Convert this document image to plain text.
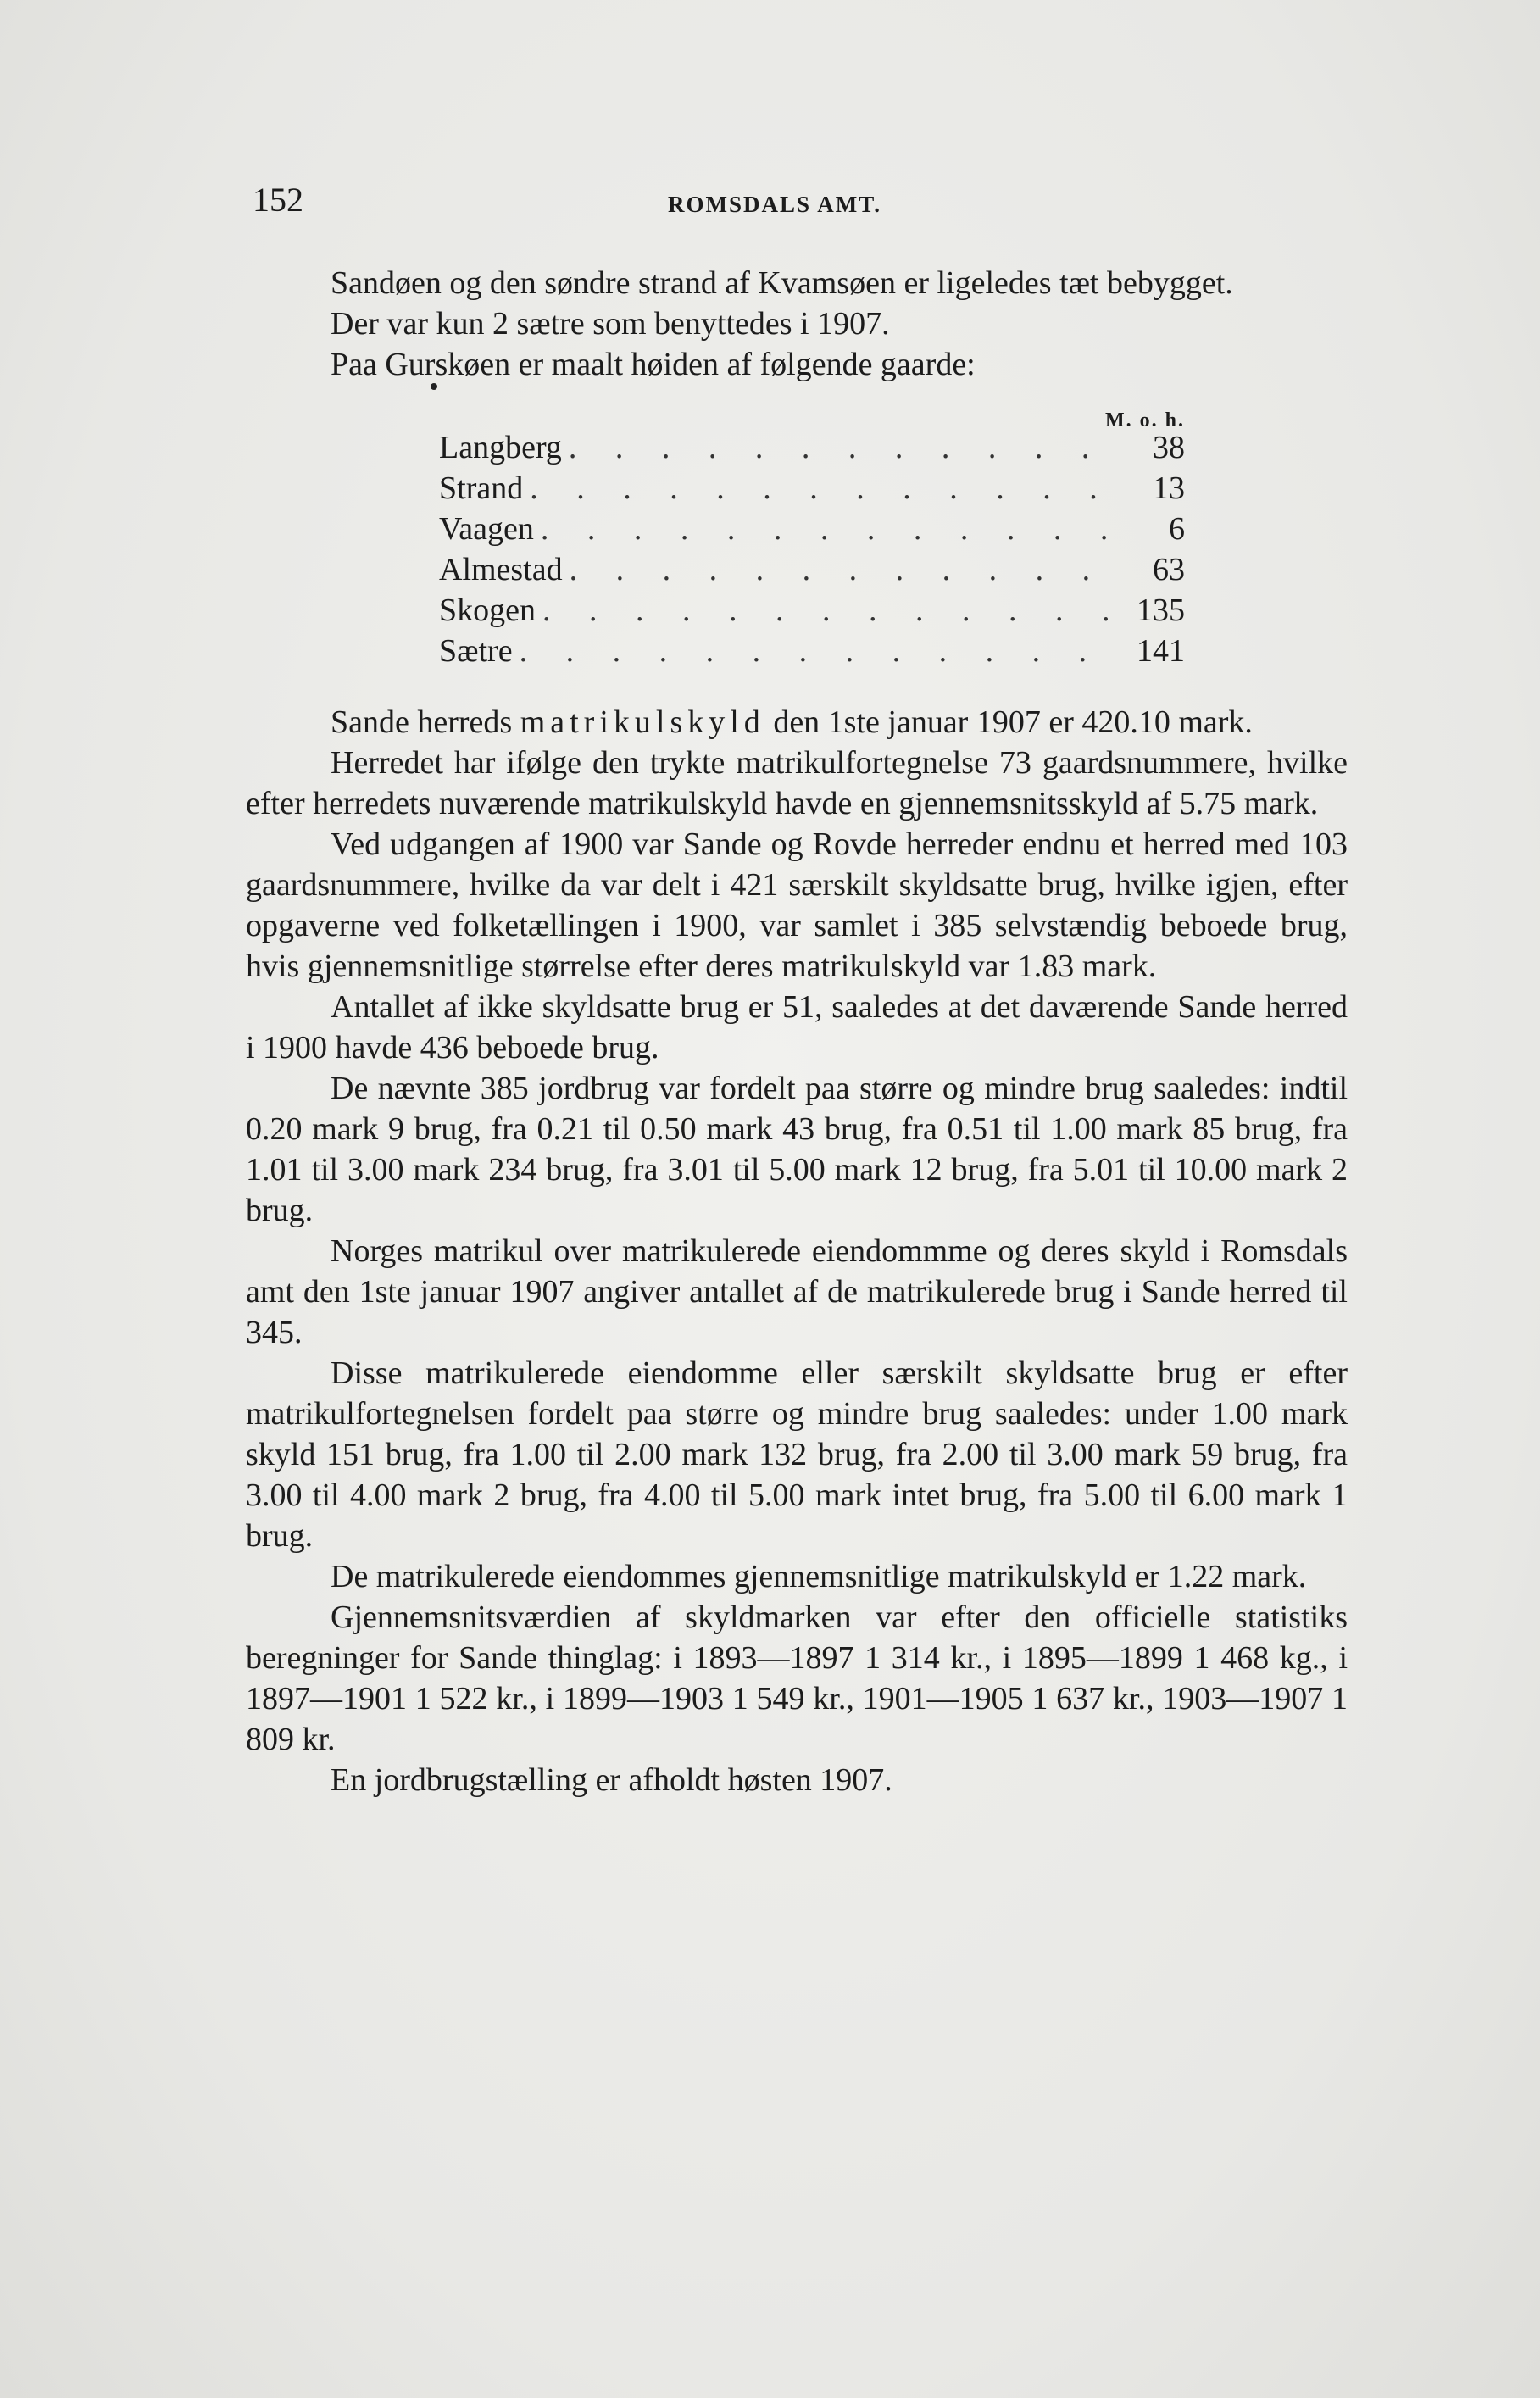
152	ROMSDALS AMT.

Sandøen og den søndre strand af Kvamsøen er ligeledes tæt bebygget.

Der var kun 2 sætre som benyttedes i 1907.

Paa Gurskøen er maalt høiden af følgende gaarde:

M. o. h.
Langberg . . .	38
Strand . . .	13
Vaagen . . .	6
Almestad . . .	63
Skogen . . .	135
Sætre . . .	141

Sande herreds matrikulskyld den 1ste januar 1907 er 420.10 mark.

Herredet har ifølge den trykte matrikulfortegnelse 73 gaardsnummere, hvilke efter herredets nuværende matrikulskyld havde en gjennemsnitsskyld af 5.75 mark.

Ved udgangen af 1900 var Sande og Rovde herreder endnu et herred med 103 gaardsnummere, hvilke da var delt i 421 særskilt skyldsatte brug, hvilke igjen, efter opgaverne ved folketællingen i 1900, var samlet i 385 selvstændig beboede brug, hvis gjennemsnitlige størrelse efter deres matrikulskyld var 1.83 mark.

Antallet af ikke skyldsatte brug er 51, saaledes at det daværende Sande herred i 1900 havde 436 beboede brug.

De nævnte 385 jordbrug var fordelt paa større og mindre brug saaledes: indtil 0.20 mark 9 brug, fra 0.21 til 0.50 mark 43 brug, fra 0.51 til 1.00 mark 85 brug, fra 1.01 til 3.00 mark 234 brug, fra 3.01 til 5.00 mark 12 brug, fra 5.01 til 10.00 mark 2 brug.

Norges matrikul over matrikulerede eiendommme og deres skyld i Romsdals amt den 1ste januar 1907 angiver antallet af de matrikulerede brug i Sande herred til 345.

Disse matrikulerede eiendomme eller særskilt skyldsatte brug er efter matrikulfortegnelsen fordelt paa større og mindre brug saaledes: under 1.00 mark skyld 151 brug, fra 1.00 til 2.00 mark 132 brug, fra 2.00 til 3.00 mark 59 brug, fra 3.00 til 4.00 mark 2 brug, fra 4.00 til 5.00 mark intet brug, fra 5.00 til 6.00 mark 1 brug.

De matrikulerede eiendommes gjennemsnitlige matrikulskyld er 1.22 mark.

Gjennemsnitsværdien af skyldmarken var efter den officielle statistiks beregninger for Sande thinglag: i 1893—1897 1 314 kr., i 1895—1899 1 468 kg., i 1897—1901 1 522 kr., i 1899—1903 1 549 kr., 1901—1905 1 637 kr., 1903—1907 1 809 kr.

En jordbrugstælling er afholdt høsten 1907.
